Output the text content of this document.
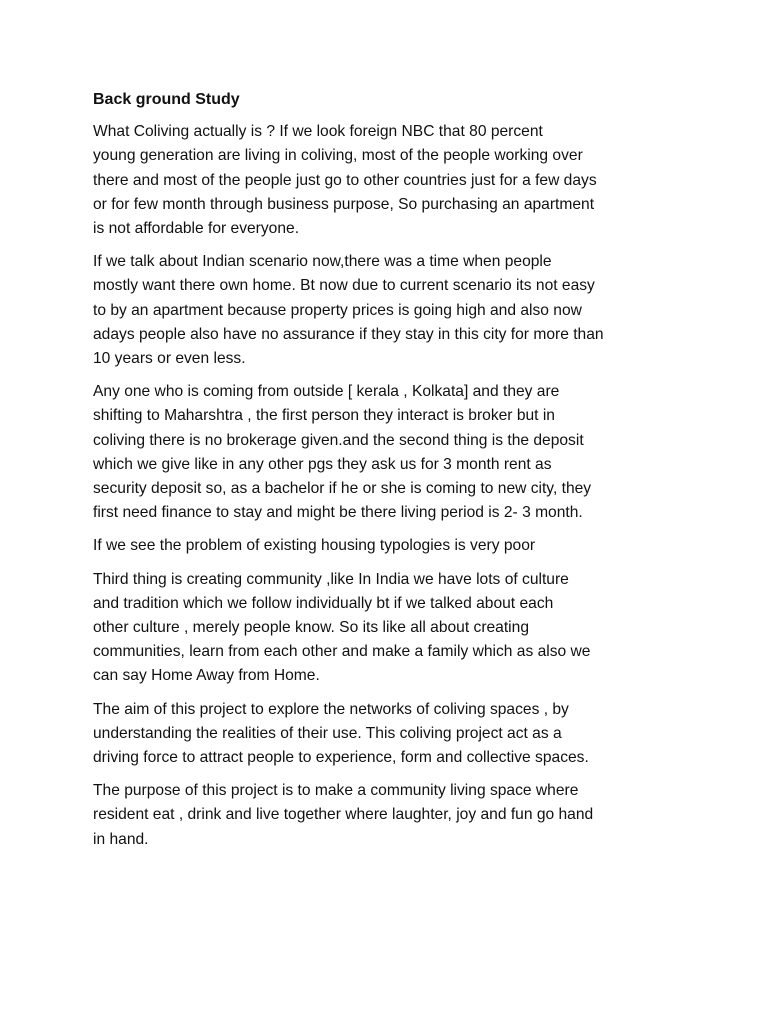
Back ground Study

What Coliving actually is ? If we look foreign NBC that 80 percent
young generation are living in coliving, most of the people working over
there and most of the people just go to other countries just for a few days
or for few month through business purpose, So purchasing an apartment
is not affordable for everyone.

If we talk about Indian scenario now,there was a time when people
mostly want there own home. Bt now due to current scenario its not easy
to by an apartment because property prices is going high and also now
adays people also have no assurance if they stay in this city for more than
10 years or even less.

Any one who is coming from outside [ kerala , Kolkata] and they are
shifting to Maharshtra , the first person they interact is broker but in
coliving there is no brokerage given.and the second thing is the deposit
which we give like in any other pgs they ask us for 3 month rent as
security deposit so, as a bachelor if he or she is coming to new city, they
first need finance to stay and might be there living period is 2- 3 month.

If we see the problem of existing housing typologies is very poor

Third thing is creating community ,like In India we have lots of culture
and tradition which we follow individually bt if we talked about each
other culture , merely people know. So its like all about creating
communities, learn from each other and make a family which as also we
can say Home Away from Home.

The aim of this project to explore the networks of coliving spaces , by
understanding the realities of their use. This coliving project act as a
driving force to attract people to experience, form and collective spaces.

The purpose of this project is to make a community living space where
resident eat , drink and live together where laughter, joy and fun go hand
in hand.
